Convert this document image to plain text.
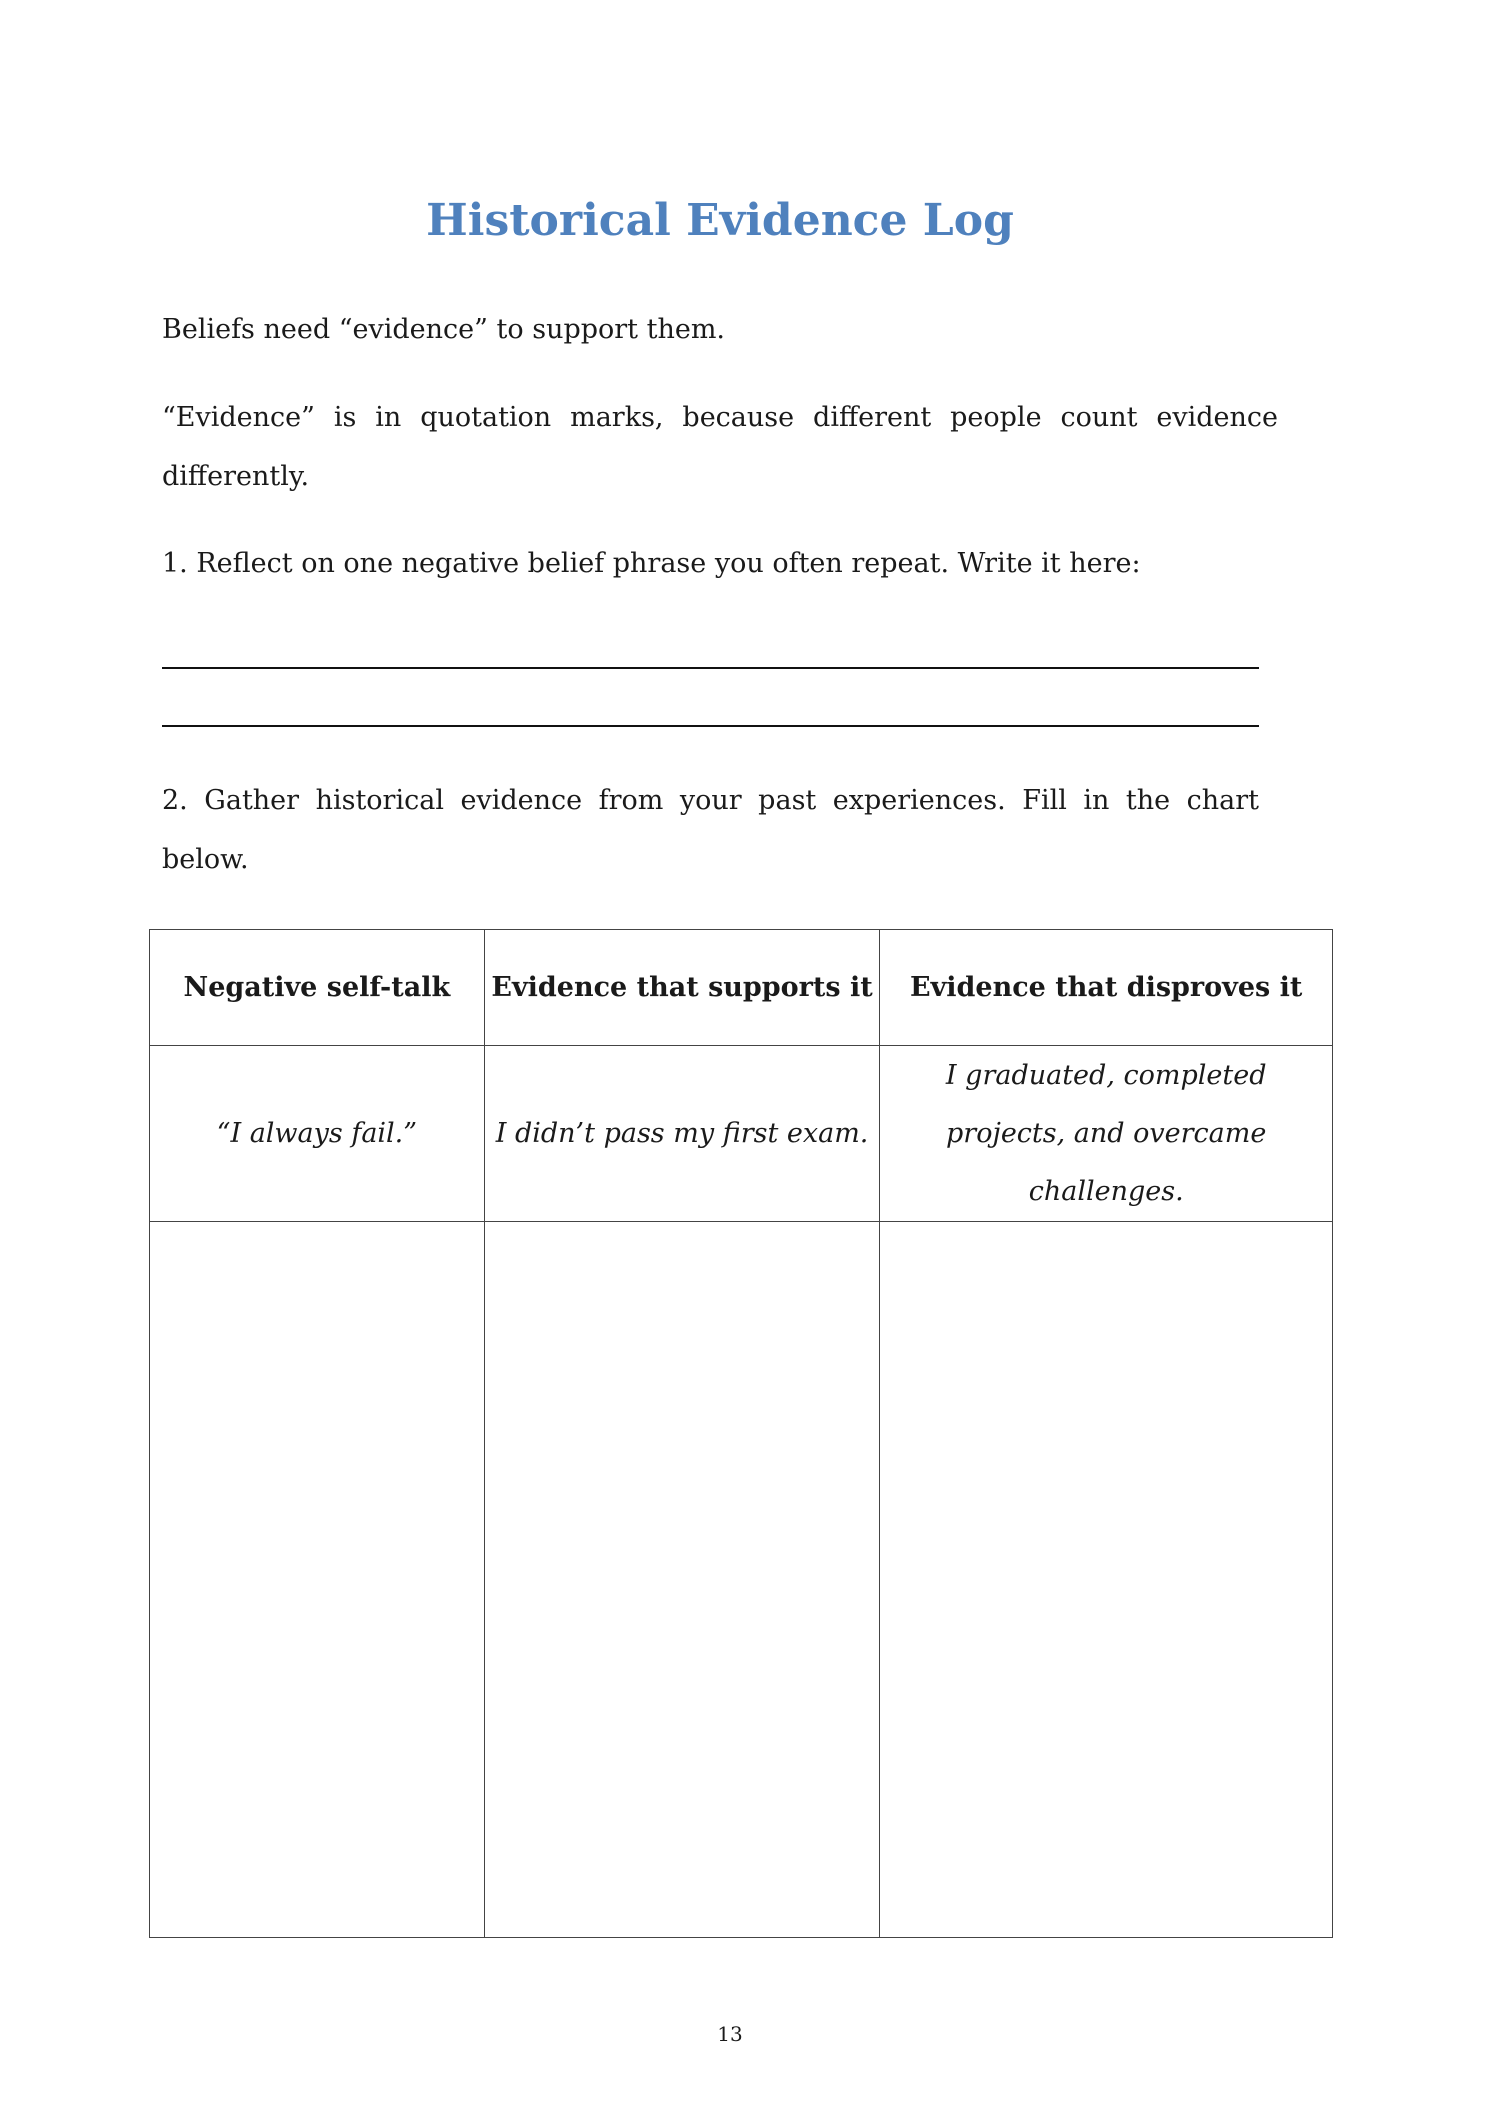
Historical Evidence Log
Beliefs need “evidence” to support them.
“Evidence” is in quotation marks, because different people count evidence differently.
1. Reflect on one negative belief phrase you often repeat. Write it here:
2. Gather historical evidence from your past experiences. Fill in the chart below.
Negative self-talk	Evidence that supports it	Evidence that disproves it
“I always fail.”	I didn’t pass my first exam.	I graduated, completed projects, and overcame challenges.

13
